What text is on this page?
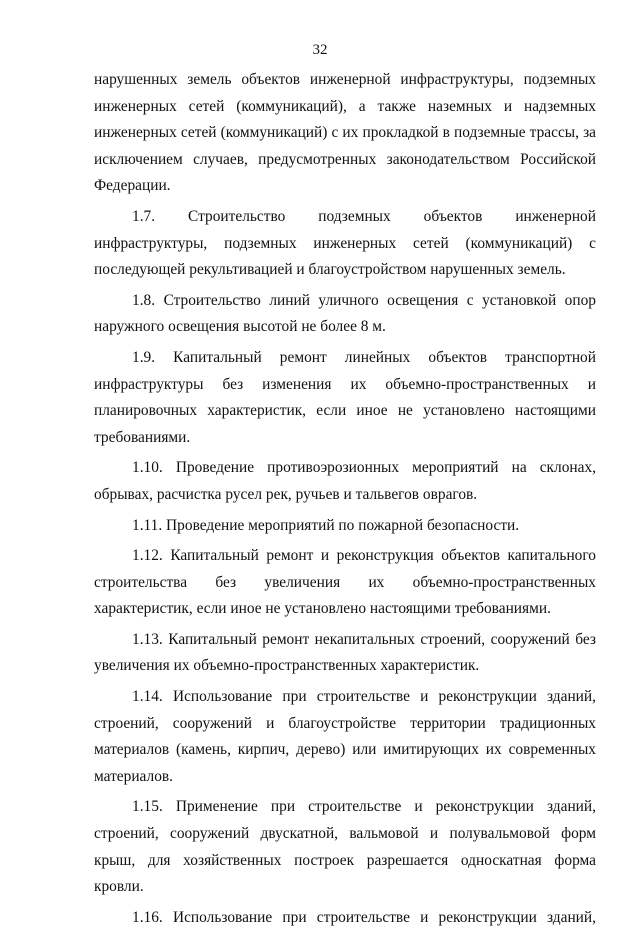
32

нарушенных земель объектов инженерной инфраструктуры, подземных инженерных сетей (коммуникаций), а также наземных и надземных инженерных сетей (коммуникаций) с их прокладкой в подземные трассы, за исключением случаев, предусмотренных законодательством Российской Федерации.

1.7. Строительство подземных объектов инженерной инфраструктуры, подземных инженерных сетей (коммуникаций) с последующей рекультивацией и благоустройством нарушенных земель.

1.8. Строительство линий уличного освещения с установкой опор наружного освещения высотой не более 8 м.

1.9. Капитальный ремонт линейных объектов транспортной инфраструктуры без изменения их объемно-пространственных и планировочных характеристик, если иное не установлено настоящими требованиями.

1.10. Проведение противоэрозионных мероприятий на склонах, обрывах, расчистка русел рек, ручьев и тальвегов оврагов.

1.11. Проведение мероприятий по пожарной безопасности.

1.12. Капитальный ремонт и реконструкция объектов капитального строительства без увеличения их объемно-пространственных характеристик, если иное не установлено настоящими требованиями.

1.13. Капитальный ремонт некапитальных строений, сооружений без увеличения их объемно-пространственных характеристик.

1.14. Использование при строительстве и реконструкции зданий, строений, сооружений и благоустройстве территории традиционных материалов (камень, кирпич, дерево) или имитирующих их современных материалов.

1.15. Применение при строительстве и реконструкции зданий, строений, сооружений двускатной, вальмовой и полувальмовой форм крыш, для хозяйственных построек разрешается односкатная форма кровли.

1.16. Использование при строительстве и реконструкции зданий,
